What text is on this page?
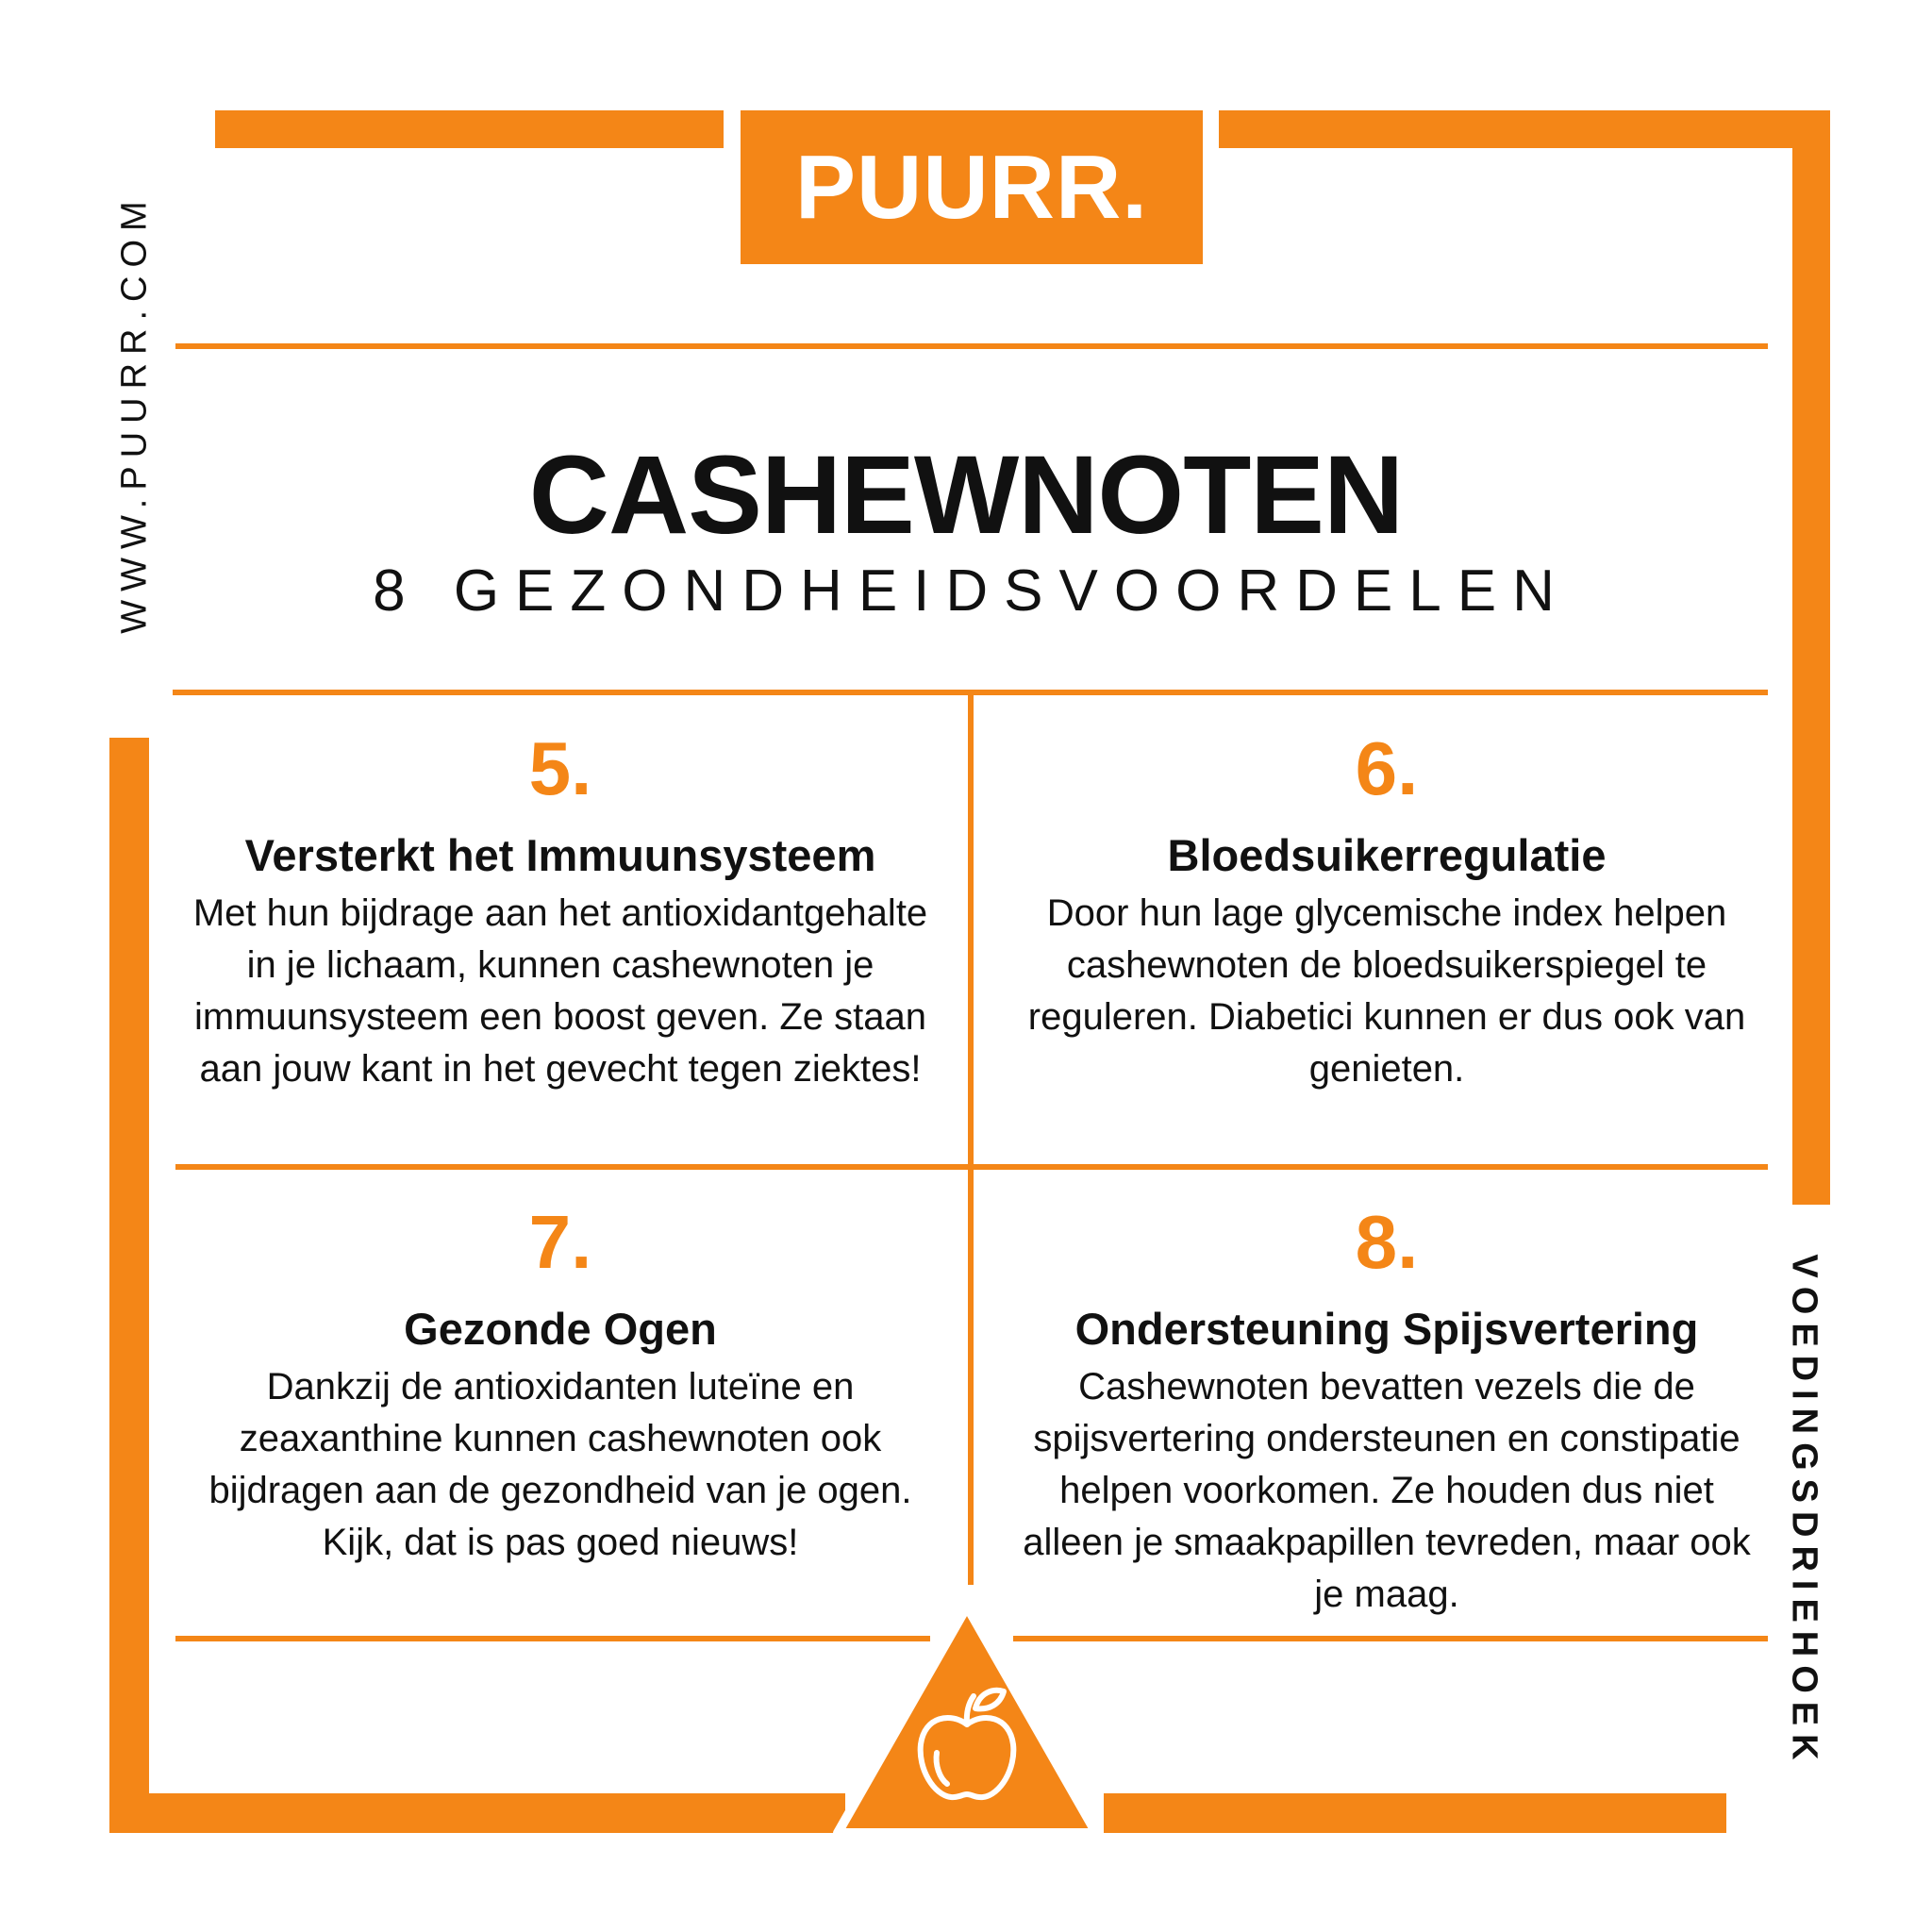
PUURR.
WWW.PUURR.COM
VOEDINGSDRIEHOEK
CASHEWNOTEN
8 GEZONDHEIDSVOORDELEN
5.
Versterkt het Immuunsysteem
Met hun bijdrage aan het antioxidantgehalte in je lichaam, kunnen cashewnoten je immuunsysteem een boost geven. Ze staan aan jouw kant in het gevecht tegen ziektes!
6.
Bloedsuikerregulatie
Door hun lage glycemische index helpen cashewnoten de bloedsuikerspiegel te reguleren. Diabetici kunnen er dus ook van genieten.
7.
Gezonde Ogen
Dankzij de antioxidanten luteïne en zeaxanthine kunnen cashewnoten ook bijdragen aan de gezondheid van je ogen. Kijk, dat is pas goed nieuws!
8.
Ondersteuning Spijsvertering
Cashewnoten bevatten vezels die de spijsvertering ondersteunen en constipatie helpen voorkomen. Ze houden dus niet alleen je smaakpapillen tevreden, maar ook je maag.
